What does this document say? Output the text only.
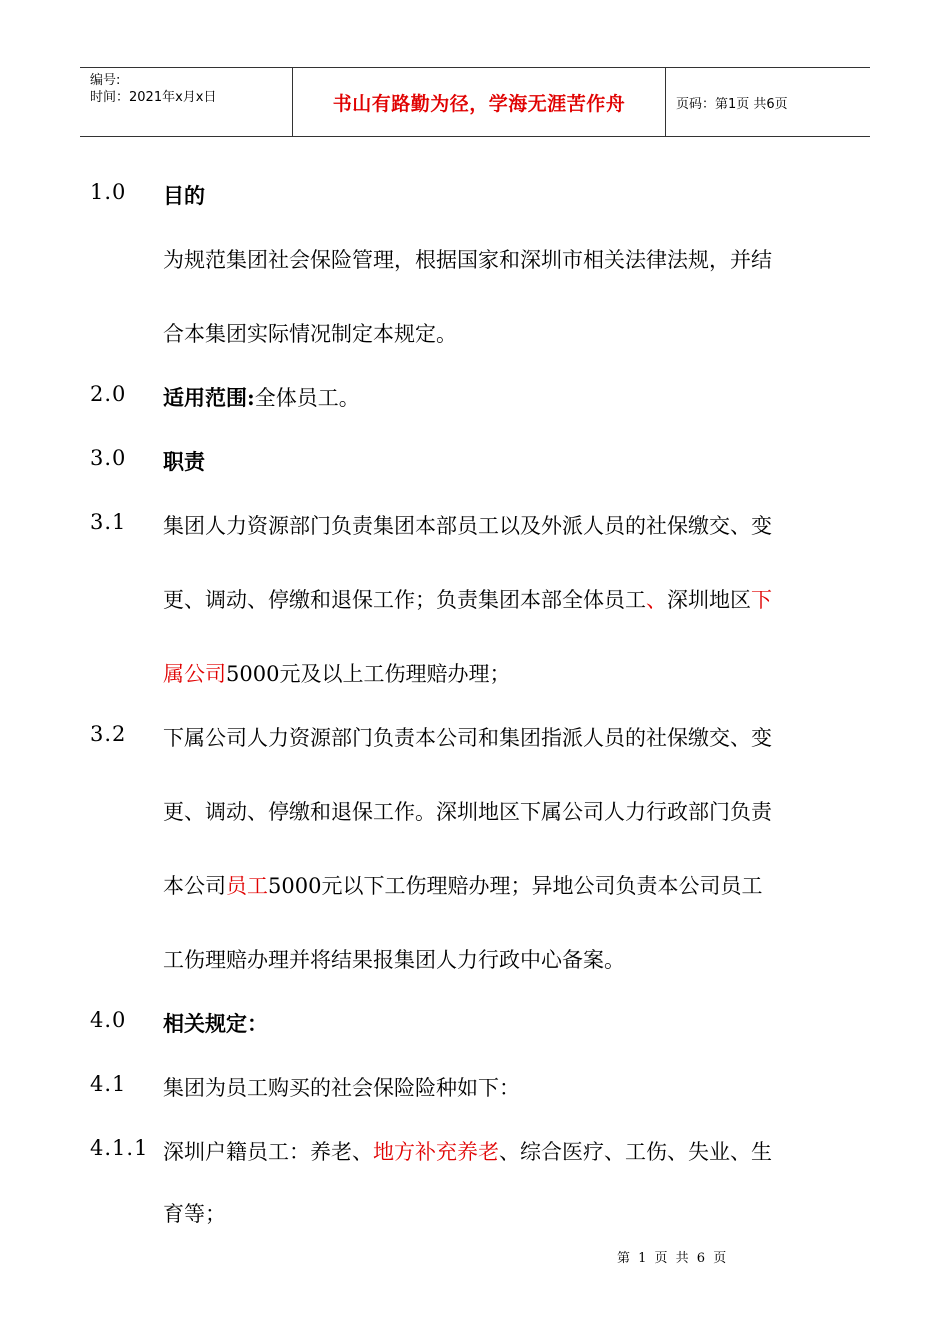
编号:
时间：2021年x月x日	书山有路勤为径，学海无涯苦作舟	页码：第1页 共6页
1.0 目的
为规范集团社会保险管理，根据国家和深圳市相关法律法规，并结
合本集团实际情况制定本规定。
2.0 适用范围:全体员工。
3.0 职责
3.1 集团人力资源部门负责集团本部员工以及外派人员的社保缴交、变
更、调动、停缴和退保工作；负责集团本部全体员工、深圳地区下
属公司5000元及以上工伤理赔办理；
3.2 下属公司人力资源部门负责本公司和集团指派人员的社保缴交、变
更、调动、停缴和退保工作。深圳地区下属公司人力行政部门负责
本公司员工5000元以下工伤理赔办理；异地公司负责本公司员工
工伤理赔办理并将结果报集团人力行政中心备案。
4.0 相关规定：
4.1 集团为员工购买的社会保险险种如下：
4.1.1 深圳户籍员工：养老、地方补充养老、综合医疗、工伤、失业、生
育等；
第 1 页 共 6 页
